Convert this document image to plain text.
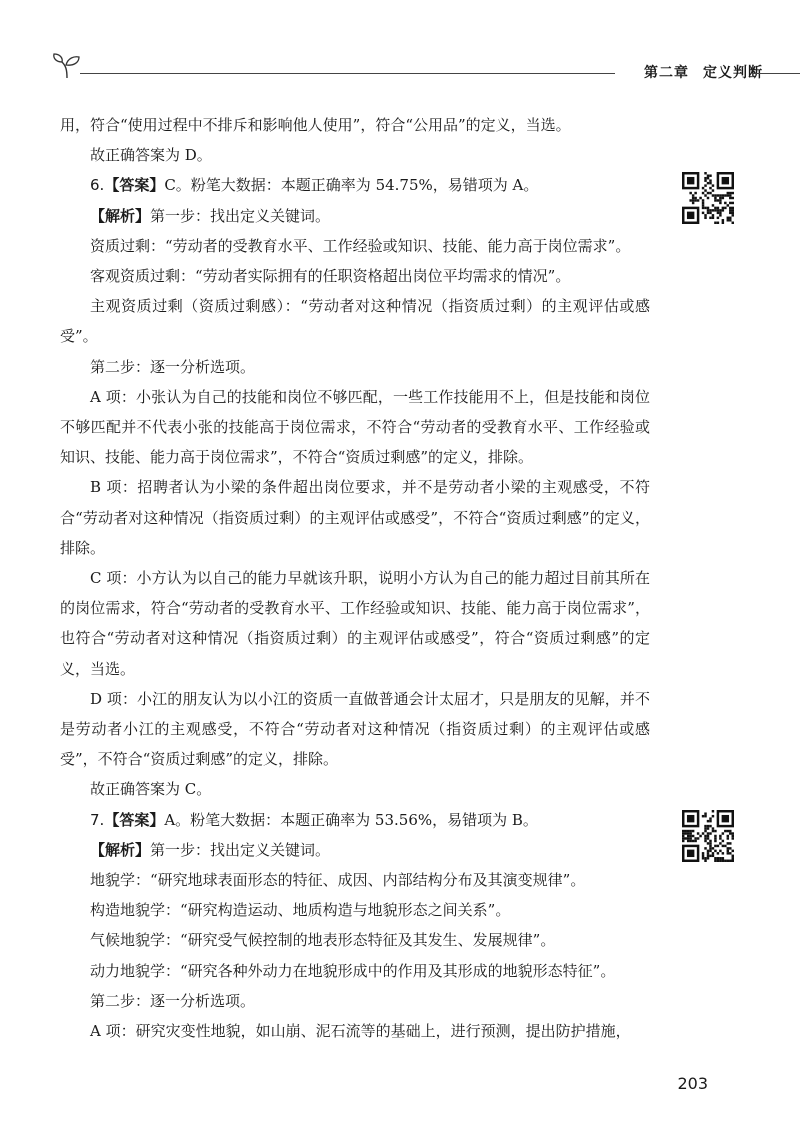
第二章 定义判断

用，符合“使用过程中不排斥和影响他人使用”，符合“公用品”的定义，当选。

故正确答案为 D。

6.【答案】C。粉笔大数据：本题正确率为 54.75%，易错项为 A。

【解析】第一步：找出定义关键词。

资质过剩：“劳动者的受教育水平、工作经验或知识、技能、能力高于岗位需求”。

客观资质过剩：“劳动者实际拥有的任职资格超出岗位平均需求的情况”。

主观资质过剩（资质过剩感）：“劳动者对这种情况（指资质过剩）的主观评估或感受”。

第二步：逐一分析选项。

A 项：小张认为自己的技能和岗位不够匹配，一些工作技能用不上，但是技能和岗位不够匹配并不代表小张的技能高于岗位需求，不符合“劳动者的受教育水平、工作经验或知识、技能、能力高于岗位需求”，不符合“资质过剩感”的定义，排除。

B 项：招聘者认为小梁的条件超出岗位要求，并不是劳动者小梁的主观感受，不符合“劳动者对这种情况（指资质过剩）的主观评估或感受”，不符合“资质过剩感”的定义，排除。

C 项：小方认为以自己的能力早就该升职，说明小方认为自己的能力超过目前其所在的岗位需求，符合“劳动者的受教育水平、工作经验或知识、技能、能力高于岗位需求”，也符合“劳动者对这种情况（指资质过剩）的主观评估或感受”，符合“资质过剩感”的定义，当选。

D 项：小江的朋友认为以小江的资质一直做普通会计太屈才，只是朋友的见解，并不是劳动者小江的主观感受，不符合“劳动者对这种情况（指资质过剩）的主观评估或感受”，不符合“资质过剩感”的定义，排除。

故正确答案为 C。

7.【答案】A。粉笔大数据：本题正确率为 53.56%，易错项为 B。

【解析】第一步：找出定义关键词。

地貌学：“研究地球表面形态的特征、成因、内部结构分布及其演变规律”。

构造地貌学：“研究构造运动、地质构造与地貌形态之间关系”。

气候地貌学：“研究受气候控制的地表形态特征及其发生、发展规律”。

动力地貌学：“研究各种外动力在地貌形成中的作用及其形成的地貌形态特征”。

第二步：逐一分析选项。

A 项：研究灾变性地貌，如山崩、泥石流等的基础上，进行预测，提出防护措施，

203
